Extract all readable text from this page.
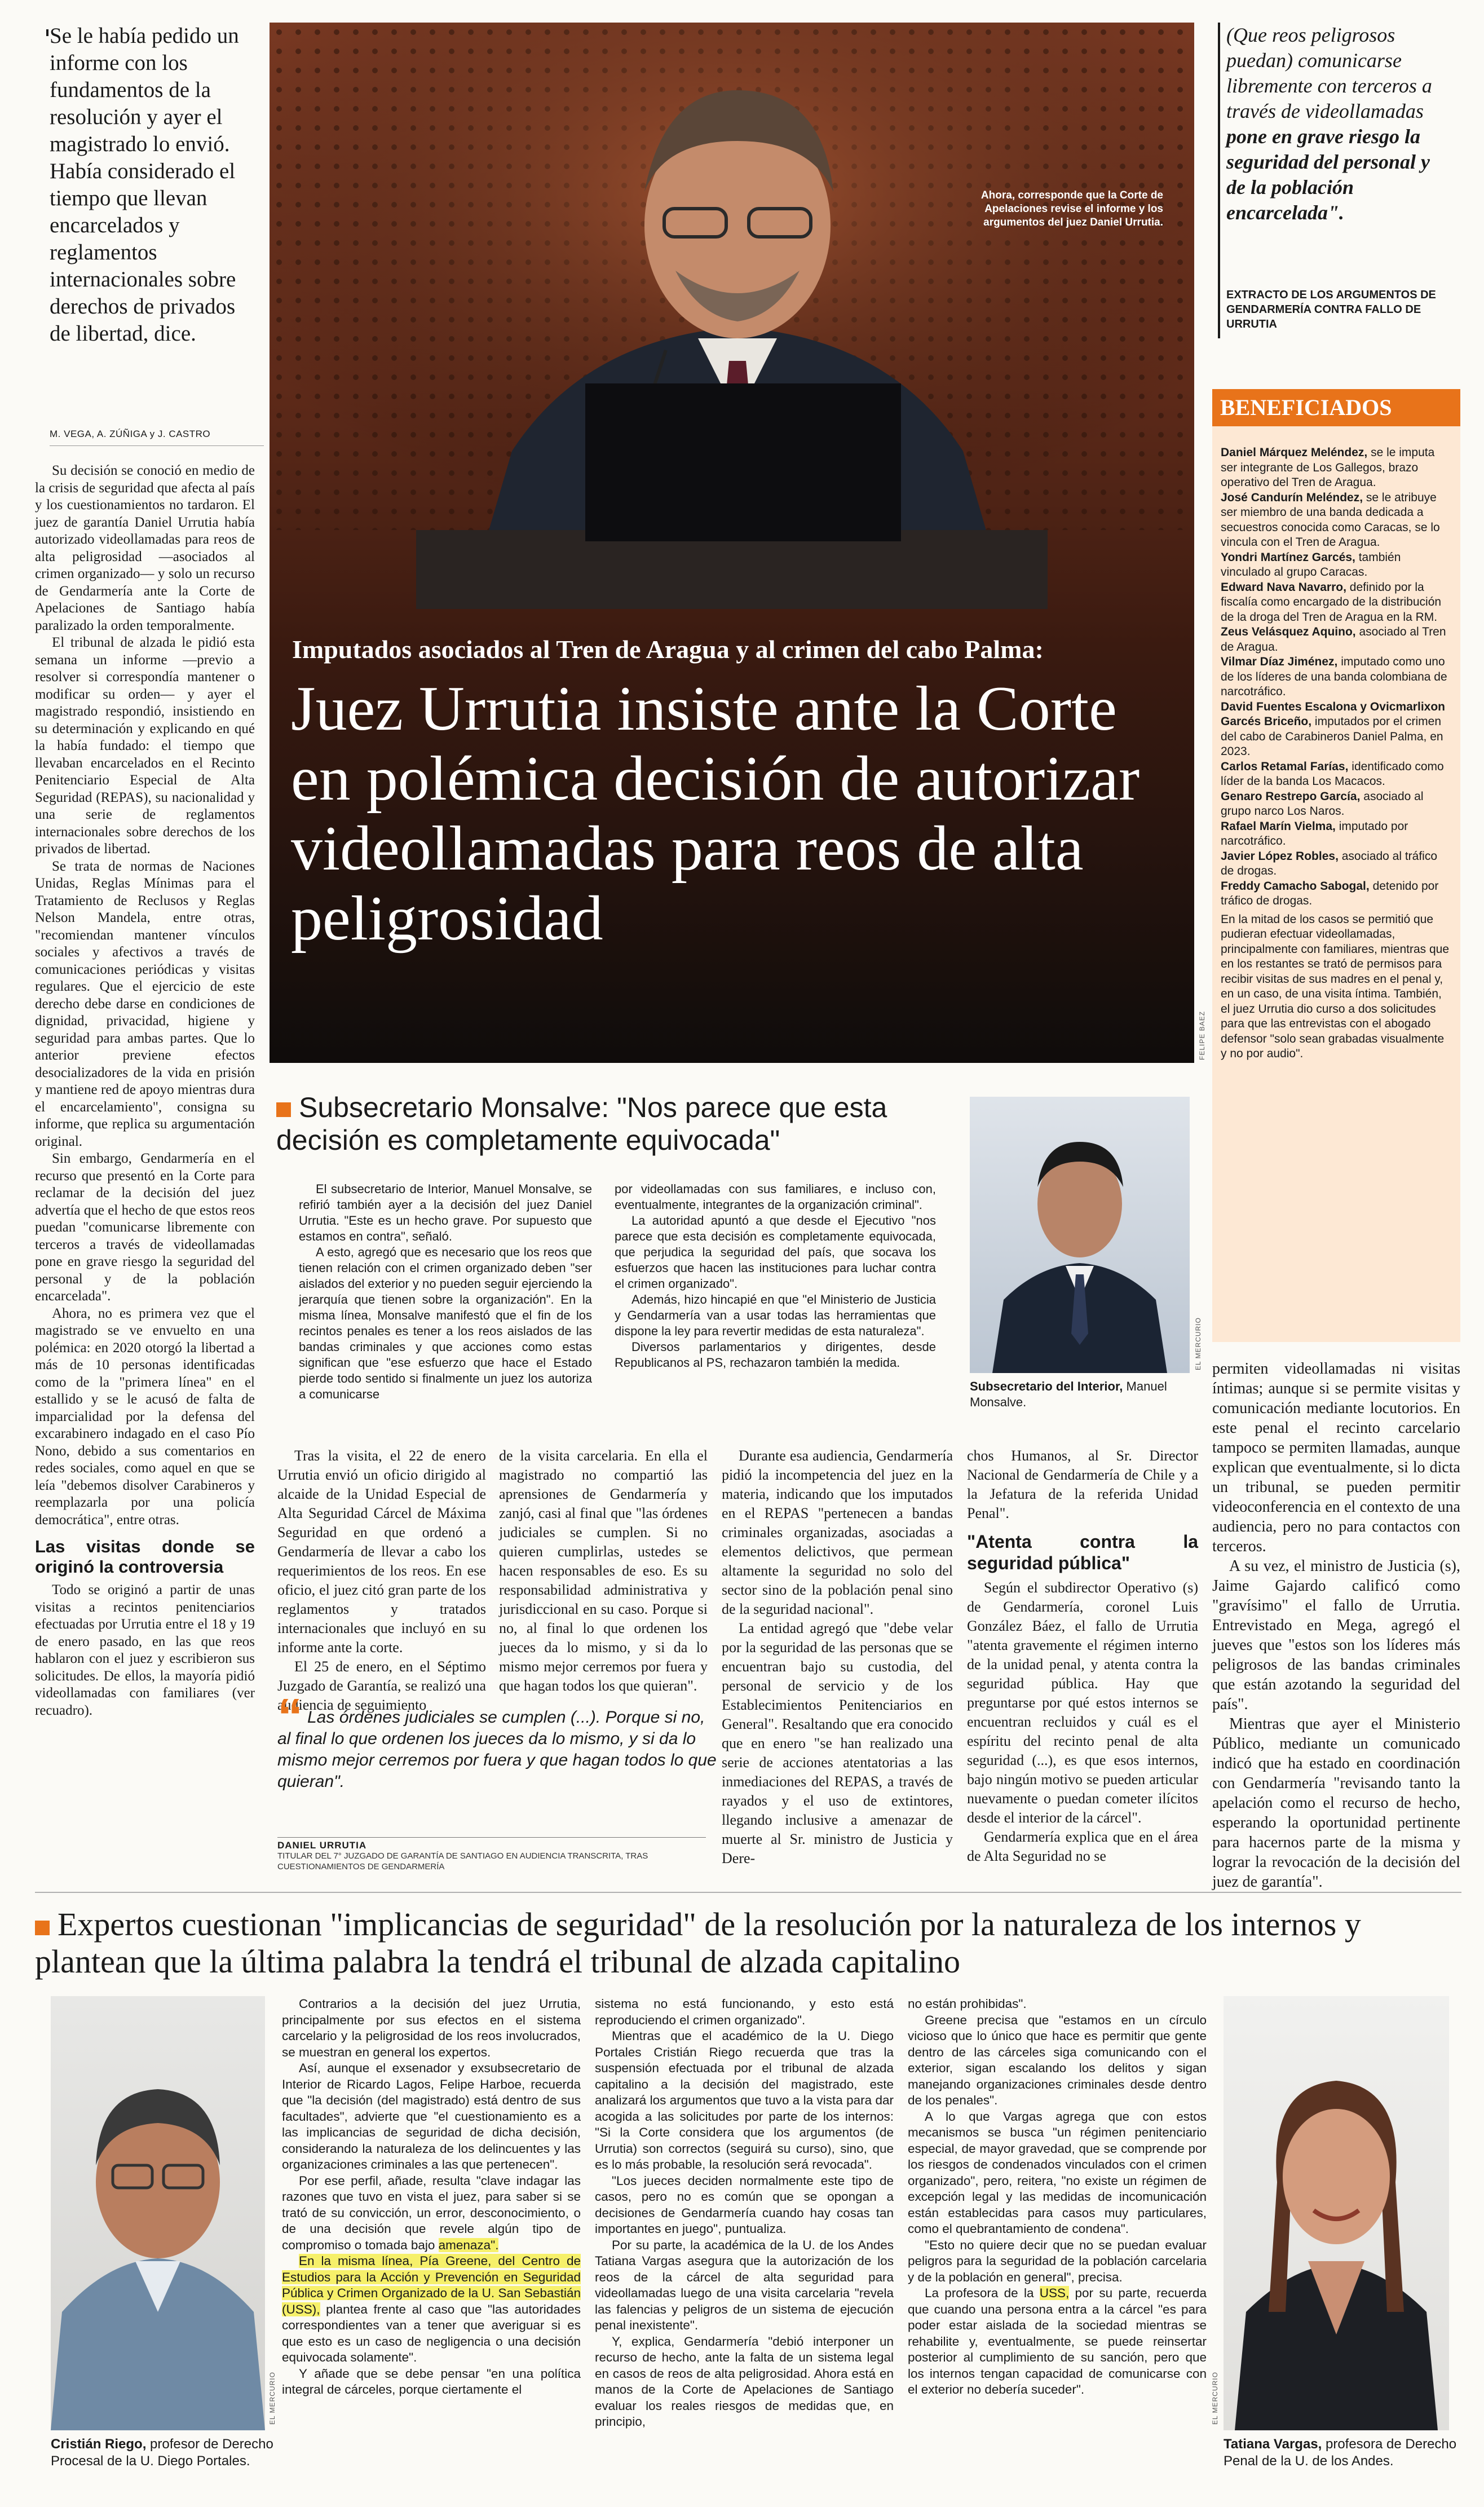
Se le había pedido un informe con los fundamentos de la resolución y ayer el magistrado lo envió. Había considerado el tiempo que llevan encarcelados y reglamentos internacionales sobre derechos de privados de libertad, dice.
M. VEGA, A. ZÚÑIGA y J. CASTRO

Su decisión se conoció en medio de la crisis de seguridad que afecta al país y los cuestionamientos no tardaron. El juez de garantía Daniel Urrutia había autorizado videollamadas para reos de alta peligrosidad —asociados al crimen organizado— y solo un recurso de Gendarmería ante la Corte de Apelaciones de Santiago había paralizado la orden temporalmente.

El tribunal de alzada le pidió esta semana un informe —previo a resolver si correspondía mantener o modificar su orden— y ayer el magistrado respondió, insistiendo en su determinación y explicando en qué la había fundado: el tiempo que llevaban encarcelados en el Recinto Penitenciario Especial de Alta Seguridad (REPAS), su nacionalidad y una serie de reglamentos internacionales sobre derechos de los privados de libertad.

Se trata de normas de Naciones Unidas, Reglas Mínimas para el Tratamiento de Reclusos y Reglas Nelson Mandela, entre otras, "recomiendan mantener vínculos sociales y afectivos a través de comunicaciones periódicas y visitas regulares. Que el ejercicio de este derecho debe darse en condiciones de dignidad, privacidad, higiene y seguridad para ambas partes. Que lo anterior previene efectos desocializadores de la vida en prisión y mantiene red de apoyo mientras dura el encarcelamiento", consigna su informe, que replica su argumentación original.

Sin embargo, Gendarmería en el recurso que presentó en la Corte para reclamar de la decisión del juez advertía que el hecho de que estos reos puedan "comunicarse libremente con terceros a través de videollamadas pone en grave riesgo la seguridad del personal y de la población encarcelada".

Ahora, no es primera vez que el magistrado se ve envuelto en una polémica: en 2020 otorgó la libertad a más de 10 personas identificadas como de la "primera línea" en el estallido y se le acusó de falta de imparcialidad por la defensa del excarabinero indagado en el caso Pío Nono, debido a sus comentarios en redes sociales, como aquel en que se leía "debemos disolver Carabineros y reemplazarla por una policía democrática", entre otras.

Las visitas donde se originó la controversia

Todo se originó a partir de unas visitas a recintos penitenciarios efectuadas por Urrutia entre el 18 y 19 de enero pasado, en las que reos hablaron con el juez y escribieron sus solicitudes. De ellos, la mayoría pidió videollamadas con familiares (ver recuadro).

Ahora, corresponde que la Corte de Apelaciones revise el informe y los argumentos del juez Daniel Urrutia.
Imputados asociados al Tren de Aragua y al crimen del cabo Palma:
Juez Urrutia insiste ante la Corte en polémica decisión de autorizar videollamadas para reos de alta peligrosidad
FELIPE BAEZ
(Que reos peligrosos puedan) comunicarse libremente con terceros a través de videollamadas pone en grave riesgo la seguridad del personal y de la población encarcelada".
EXTRACTO DE LOS ARGUMENTOS DE GENDARMERÍA CONTRA FALLO DE URRUTIA
BENEFICIADOS
Daniel Márquez Meléndez, se le imputa ser integrante de Los Gallegos, brazo operativo del Tren de Aragua.
José Candurín Meléndez, se le atribuye ser miembro de una banda dedicada a secuestros conocida como Caracas, se lo vincula con el Tren de Aragua.
Yondri Martínez Garcés, también vinculado al grupo Caracas.
Edward Nava Navarro, definido por la fiscalía como encargado de la distribución de la droga del Tren de Aragua en la RM.
Zeus Velásquez Aquino, asociado al Tren de Aragua.
Vilmar Díaz Jiménez, imputado como uno de los líderes de una banda colombiana de narcotráfico.
David Fuentes Escalona y Ovicmarlixon Garcés Briceño, imputados por el crimen del cabo de Carabineros Daniel Palma, en 2023.
Carlos Retamal Farías, identificado como líder de la banda Los Macacos.
Genaro Restrepo García, asociado al grupo narco Los Naros.
Rafael Marín Vielma, imputado por narcotráfico.
Javier López Robles, asociado al tráfico de drogas.
Freddy Camacho Sabogal, detenido por tráfico de drogas.
En la mitad de los casos se permitió que pudieran efectuar videollamadas, principalmente con familiares, mientras que en los restantes se trató de permisos para recibir visitas de sus madres en el penal y, en un caso, de una visita íntima. También, el juez Urrutia dio curso a dos solicitudes para que las entrevistas con el abogado defensor "solo sean grabadas visualmente y no por audio".
Subsecretario Monsalve: "Nos parece que esta decisión es completamente equivocada"

El subsecretario de Interior, Manuel Monsalve, se refirió también ayer a la decisión del juez Daniel Urrutia. "Este es un hecho grave. Por supuesto que estamos en contra", señaló.

A esto, agregó que es necesario que los reos que tienen relación con el crimen organizado deben "ser aislados del exterior y no pueden seguir ejerciendo la jerarquía que tienen sobre la organización". En la misma línea, Monsalve manifestó que el fin de los recintos penales es tener a los reos aislados de las bandas criminales y que acciones como estas significan que "ese esfuerzo que hace el Estado pierde todo sentido si finalmente un juez los autoriza a comunicarse

por videollamadas con sus familiares, e incluso con, eventualmente, integrantes de la organización criminal".

La autoridad apuntó a que desde el Ejecutivo "nos parece que esta decisión es completamente equivocada, que perjudica la seguridad del país, que socava los esfuerzos que hacen las instituciones para luchar contra el crimen organizado".

Además, hizo hincapié en que "el Ministerio de Justicia y Gendarmería van a usar todas las herramientas que dispone la ley para revertir medidas de esta naturaleza".

Diversos parlamentarios y dirigentes, desde Republicanos al PS, rechazaron también la medida.

Subsecretario del Interior, Manuel Monsalve.
EL MERCURIO

Tras la visita, el 22 de enero Urrutia envió un oficio dirigido al alcaide de la Unidad Especial de Alta Seguridad Cárcel de Máxima Seguridad en que ordenó a Gendarmería de llevar a cabo los requerimientos de los reos. En ese oficio, el juez citó gran parte de los reglamentos y tratados internacionales que incluyó en su informe ante la corte.

El 25 de enero, en el Séptimo Juzgado de Garantía, se realizó una audiencia de seguimiento

de la visita carcelaria. En ella el magistrado no compartió las aprensiones de Gendarmería y zanjó, casi al final que "las órdenes judiciales se cumplen. Si no quieren cumplirlas, ustedes se hacen responsables de eso. Es su responsabilidad administrativa y jurisdiccional en su caso. Porque si no, al final lo que ordenen los jueces da lo mismo, y si da lo mismo mejor cerremos por fuera y que hagan todos los que quieran".

Durante esa audiencia, Gendarmería pidió la incompetencia del juez en la materia, indicando que los imputados en el REPAS "pertenecen a bandas criminales organizadas, asociadas a elementos delictivos, que permean altamente la seguridad no solo del sector sino de la población penal sino de la seguridad nacional".

La entidad agregó que "debe velar por la seguridad de las personas que se encuentran bajo su custodia, del personal de servicio y de los Establecimientos Penitenciarios en General". Resaltando que era conocido que en enero "se han realizado una serie de acciones atentatorias a las inmediaciones del REPAS, a través de rayados y el uso de extintores, llegando inclusive a amenazar de muerte al Sr. ministro de Justicia y Dere-

chos Humanos, al Sr. Director Nacional de Gendarmería de Chile y a la Jefatura de la referida Unidad Penal".

"Atenta contra la seguridad pública"

Según el subdirector Operativo (s) de Gendarmería, coronel Luis González Báez, el fallo de Urrutia "atenta gravemente el régimen interno de la unidad penal, y atenta contra la seguridad pública. Hay que preguntarse por qué estos internos se encuentran recluidos y cuál es el espíritu del recinto penal de alta seguridad (...), es que esos internos, bajo ningún motivo se pueden articular nuevamente o puedan cometer ilícitos desde el interior de la cárcel".

Gendarmería explica que en el área de Alta Seguridad no se

permiten videollamadas ni visitas íntimas; aunque si se permite visitas y comunicación mediante locutorios. En este penal el recinto carcelario tampoco se permiten llamadas, aunque explican que eventualmente, si lo dicta un tribunal, se pueden permitir videoconferencia en el contexto de una audiencia, pero no para contactos con terceros.

A su vez, el ministro de Justicia (s), Jaime Gajardo calificó como "gravísimo" el fallo de Urrutia. Entrevistado en Mega, agregó el jueves que "estos son los líderes más peligrosos de las bandas criminales que están azotando la seguridad del país".

Mientras que ayer el Ministerio Público, mediante un comunicado indicó que ha estado en coordinación con Gendarmería "revisando tanto la apelación como el recurso de hecho, esperando la oportunidad pertinente para hacernos parte de la misma y lograr la revocación de la decisión del juez de garantía".

“ Las órdenes judiciales se cumplen (...). Porque si no, al final lo que ordenen los jueces da lo mismo, y si da lo mismo mejor cerremos por fuera y que hagan todos lo que quieran".
DANIEL URRUTIA
TITULAR DEL 7° JUZGADO DE GARANTÍA DE SANTIAGO EN AUDIENCIA TRANSCRITA, TRAS CUESTIONAMIENTOS DE GENDARMERÍA
Expertos cuestionan "implicancias de seguridad" de la resolución por la naturaleza de los internos y plantean que la última palabra la tendrá el tribunal de alzada capitalino
Cristián Riego, profesor de Derecho Procesal de la U. Diego Portales.

Contrarios a la decisión del juez Urrutia, principalmente por sus efectos en el sistema carcelario y la peligrosidad de los reos involucrados, se muestran en general los expertos.

Así, aunque el exsenador y exsubsecretario de Interior de Ricardo Lagos, Felipe Harboe, recuerda que "la decisión (del magistrado) está dentro de sus facultades", advierte que "el cuestionamiento es a las implicancias de seguridad de dicha decisión, considerando la naturaleza de los delincuentes y las organizaciones criminales a las que pertenecen".

Por ese perfil, añade, resulta "clave indagar las razones que tuvo en vista el juez, para saber si se trató de su convicción, un error, desconocimiento, o de una decisión que revele algún tipo de compromiso o tomada bajo amenaza".

En la misma línea, Pía Greene, del Centro de Estudios para la Acción y Prevención en Seguridad Pública y Crimen Organizado de la U. San Sebastián (USS), plantea frente al caso que "las autoridades correspondientes van a tener que averiguar si es que esto es un caso de negligencia o una decisión equivocada solamente".

Y añade que se debe pensar "en una política integral de cárceles, porque ciertamente el

sistema no está funcionando, y esto está reproduciendo el crimen organizado".

Mientras que el académico de la U. Diego Portales Cristián Riego recuerda que tras la suspensión efectuada por el tribunal de alzada capitalino a la decisión del magistrado, este analizará los argumentos que tuvo a la vista para dar acogida a las solicitudes por parte de los internos: "Si la Corte considera que los argumentos (de Urrutia) son correctos (seguirá su curso), sino, que es lo más probable, la resolución será revocada".

"Los jueces deciden normalmente este tipo de casos, pero no es común que se opongan a decisiones de Gendarmería cuando hay cosas tan importantes en juego", puntualiza.

Por su parte, la académica de la U. de los Andes Tatiana Vargas asegura que la autorización de los reos de la cárcel de alta seguridad para videollamadas luego de una visita carcelaria "revela las falencias y peligros de un sistema de ejecución penal inexistente".

Y, explica, Gendarmería "debió interponer un recurso de hecho, ante la falta de un sistema legal en casos de reos de alta peligrosidad. Ahora está en manos de la Corte de Apelaciones de Santiago evaluar los reales riesgos de medidas que, en principio,

no están prohibidas".

Greene precisa que "estamos en un círculo vicioso que lo único que hace es permitir que gente dentro de las cárceles siga comunicando con el exterior, sigan escalando los delitos y sigan manejando organizaciones criminales desde dentro de los penales".

A lo que Vargas agrega que con estos mecanismos se busca "un régimen penitenciario especial, de mayor gravedad, que se comprende por los riesgos de condenados vinculados con el crimen organizado", pero, reitera, "no existe un régimen de excepción legal y las medidas de incomunicación están establecidas para casos muy particulares, como el quebrantamiento de condena".

"Esto no quiere decir que no se puedan evaluar peligros para la seguridad de la población carcelaria y de la población en general", precisa.

La profesora de la USS, por su parte, recuerda que cuando una persona entra a la cárcel "es para poder estar aislada de la sociedad mientras se rehabilite y, eventualmente, se puede reinsertar posterior al cumplimiento de su sanción, pero que los internos tengan capacidad de comunicarse con el exterior no debería suceder".

Tatiana Vargas, profesora de Derecho Penal de la U. de los Andes.
EL MERCURIO	EL MERCURIO
